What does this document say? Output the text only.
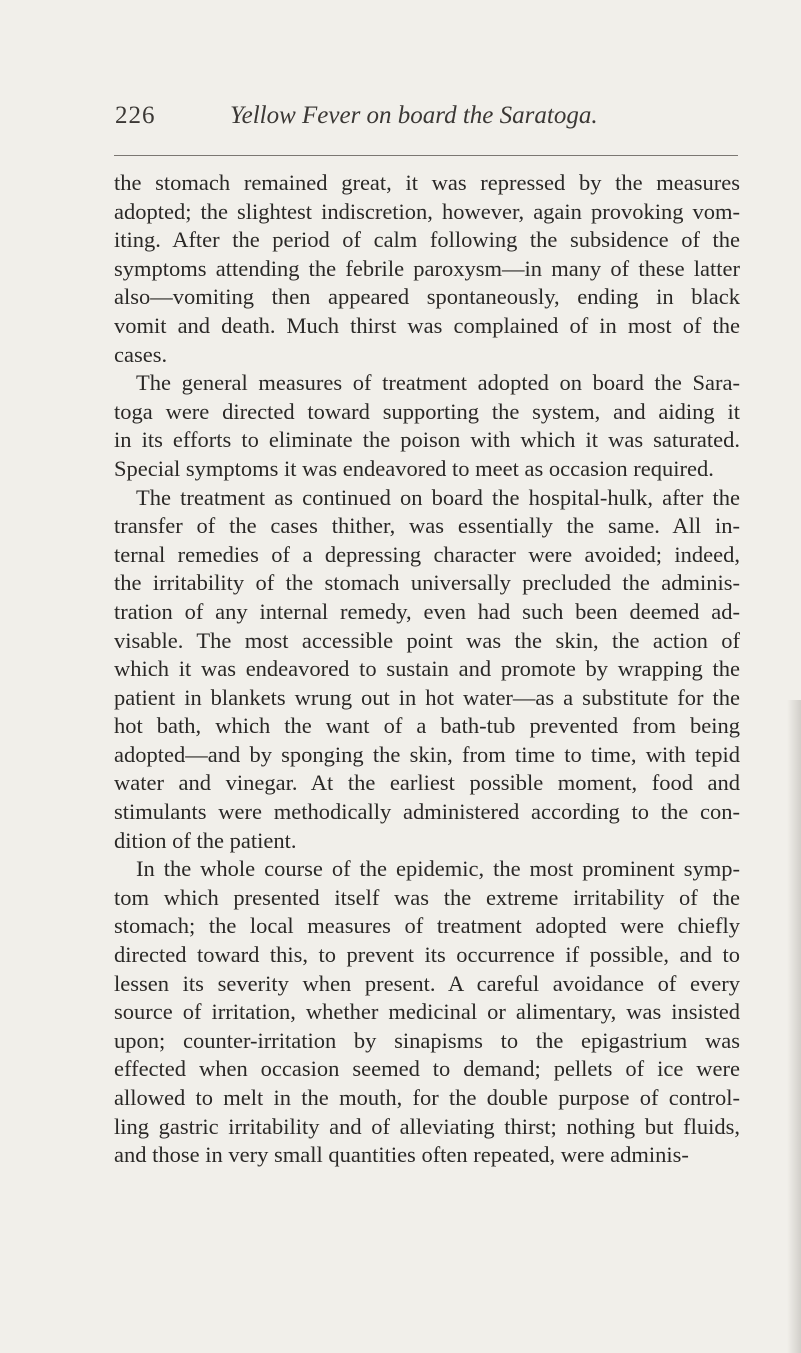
226	Yellow Fever on board the Saratoga.
the stomach remained great, it was repressed by the measures
adopted; the slightest indiscretion, however, again provoking vom-
iting. After the period of calm following the subsidence of the
symptoms attending the febrile paroxysm—in many of these latter
also—vomiting then appeared spontaneously, ending in black
vomit and death. Much thirst was complained of in most of the
cases.
The general measures of treatment adopted on board the Sara-
toga were directed toward supporting the system, and aiding it
in its efforts to eliminate the poison with which it was saturated.
Special symptoms it was endeavored to meet as occasion required.
The treatment as continued on board the hospital-hulk, after the
transfer of the cases thither, was essentially the same. All in-
ternal remedies of a depressing character were avoided; indeed,
the irritability of the stomach universally precluded the adminis-
tration of any internal remedy, even had such been deemed ad-
visable. The most accessible point was the skin, the action of
which it was endeavored to sustain and promote by wrapping the
patient in blankets wrung out in hot water—as a substitute for the
hot bath, which the want of a bath-tub prevented from being
adopted—and by sponging the skin, from time to time, with tepid
water and vinegar. At the earliest possible moment, food and
stimulants were methodically administered according to the con-
dition of the patient.
In the whole course of the epidemic, the most prominent symp-
tom which presented itself was the extreme irritability of the
stomach; the local measures of treatment adopted were chiefly
directed toward this, to prevent its occurrence if possible, and to
lessen its severity when present. A careful avoidance of every
source of irritation, whether medicinal or alimentary, was insisted
upon; counter-irritation by sinapisms to the epigastrium was
effected when occasion seemed to demand; pellets of ice were
allowed to melt in the mouth, for the double purpose of control-
ling gastric irritability and of alleviating thirst; nothing but fluids,
and those in very small quantities often repeated, were adminis-
